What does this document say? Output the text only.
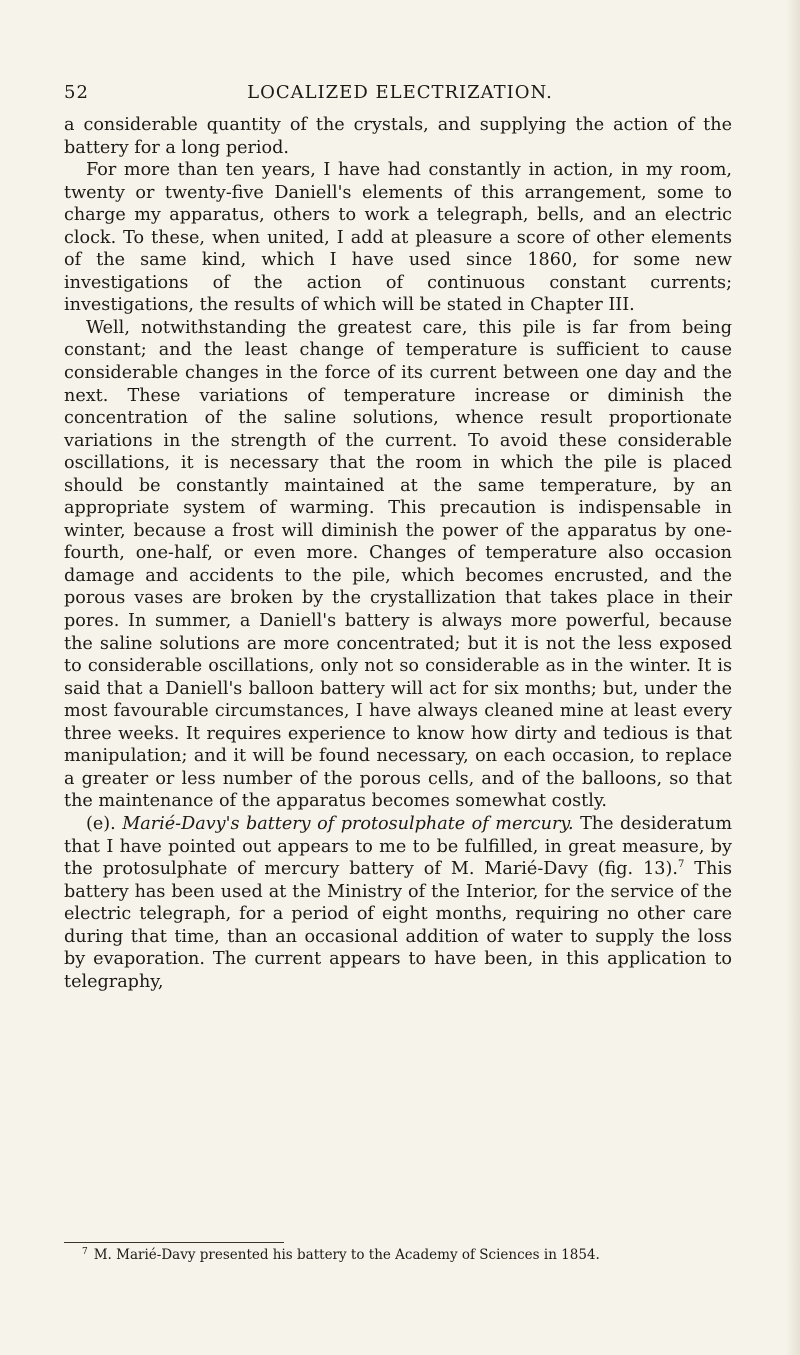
52	LOCALIZED ELECTRIZATION.

a considerable quantity of the crystals, and supplying the action of the battery for a long period.

For more than ten years, I have had constantly in action, in my room, twenty or twenty-five Daniell's elements of this arrangement, some to charge my apparatus, others to work a telegraph, bells, and an electric clock. To these, when united, I add at pleasure a score of other elements of the same kind, which I have used since 1860, for some new investigations of the action of continuous constant currents; investigations, the results of which will be stated in Chapter III.

Well, notwithstanding the greatest care, this pile is far from being constant; and the least change of temperature is sufficient to cause considerable changes in the force of its current between one day and the next. These variations of temperature increase or diminish the concentration of the saline solutions, whence result proportionate variations in the strength of the current. To avoid these considerable oscillations, it is necessary that the room in which the pile is placed should be constantly maintained at the same temperature, by an appropriate system of warming. This precaution is indispensable in winter, because a frost will diminish the power of the apparatus by one-fourth, one-half, or even more. Changes of temperature also occasion damage and accidents to the pile, which becomes encrusted, and the porous vases are broken by the crystallization that takes place in their pores. In summer, a Daniell's battery is always more powerful, because the saline solutions are more concentrated; but it is not the less exposed to considerable oscillations, only not so considerable as in the winter. It is said that a Daniell's balloon battery will act for six months; but, under the most favourable circumstances, I have always cleaned mine at least every three weeks. It requires experience to know how dirty and tedious is that manipulation; and it will be found necessary, on each occasion, to replace a greater or less number of the porous cells, and of the balloons, so that the maintenance of the apparatus becomes somewhat costly.

(e). Marié-Davy's battery of protosulphate of mercury. The desideratum that I have pointed out appears to me to be fulfilled, in great measure, by the protosulphate of mercury battery of M. Marié-Davy (fig. 13).$^7$ This battery has been used at the Ministry of the Interior, for the service of the electric telegraph, for a period of eight months, requiring no other care during that time, than an occasional addition of water to supply the loss by evaporation. The current appears to have been, in this application to telegraphy,

$^7$ M. Marié-Davy presented his battery to the Academy of Sciences in 1854.
